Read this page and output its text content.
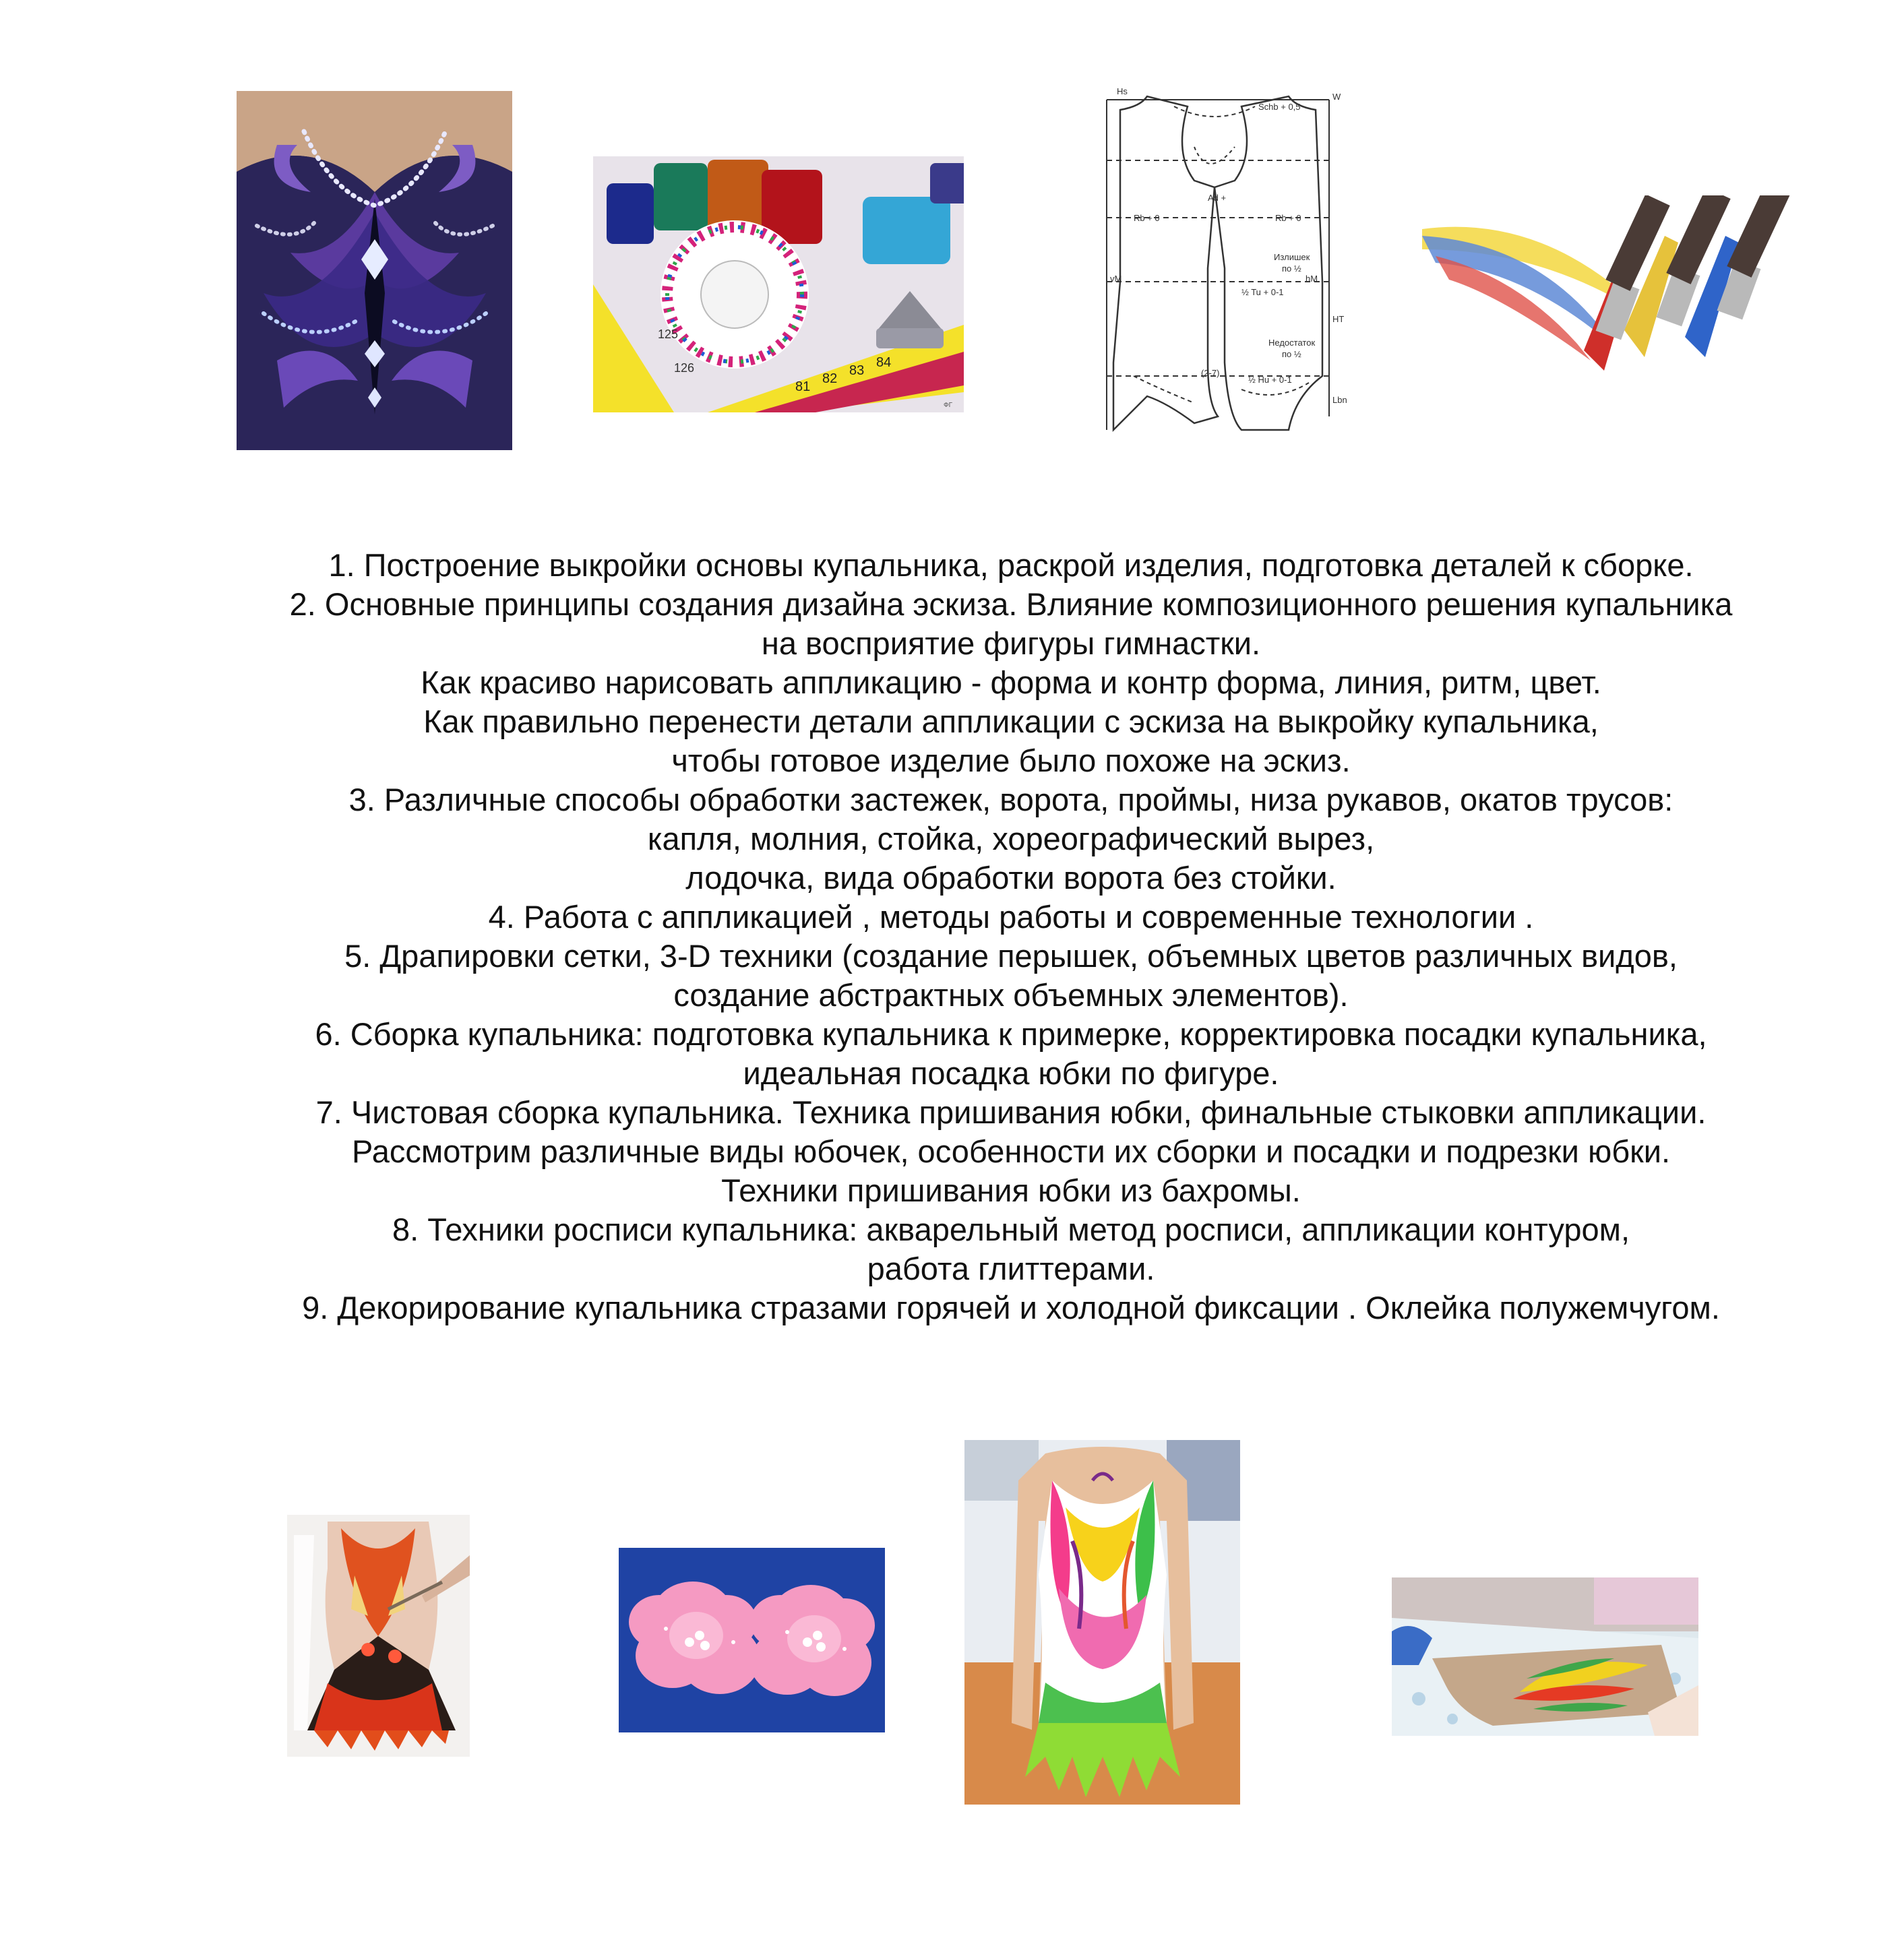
125
126
81
82
83
84
ФГ
Излишек
по ½
Недостаток
по ½
Ad +
Rb + 0	Rb + 0
½ Tu + 0-1
½ Hu + 0-1
hM
vM
Hs
W
Schb + 0,5
HT
Lbn
(2-7)
1. Построение выкройки основы купальника, раскрой изделия, подготовка деталей к сборке.
2. Основные принципы создания дизайна эскиза. Влияние композиционного решения купальника
на восприятие фигуры гимнастки.
Как красиво нарисовать аппликацию - форма и контр форма, линия, ритм, цвет.
Как правильно перенести детали аппликации с эскиза на выкройку купальника,
чтобы готовое изделие было похоже на эскиз.
3. Различные способы обработки застежек, ворота, проймы, низа рукавов, окатов трусов:
капля, молния, стойка, хореографический вырез,
лодочка, вида обработки ворота без стойки.
4. Работа с аппликацией , методы работы и современные технологии .
5. Драпировки сетки, 3-D техники (создание перышек, объемных цветов различных видов,
создание абстрактных объемных элементов).
6. Сборка купальника: подготовка купальника к примерке, корректировка посадки купальника,
идеальная посадка юбки по фигуре.
7. Чистовая сборка купальника. Техника пришивания юбки, финальные стыковки аппликации.
Рассмотрим различные виды юбочек, особенности их сборки и посадки и подрезки юбки.
Техники пришивания юбки из бахромы.
8. Техники росписи купальника: акварельный метод росписи, аппликации контуром,
работа глиттерами.
9. Декорирование купальника стразами горячей и холодной фиксации . Оклейка полужемчугом.
